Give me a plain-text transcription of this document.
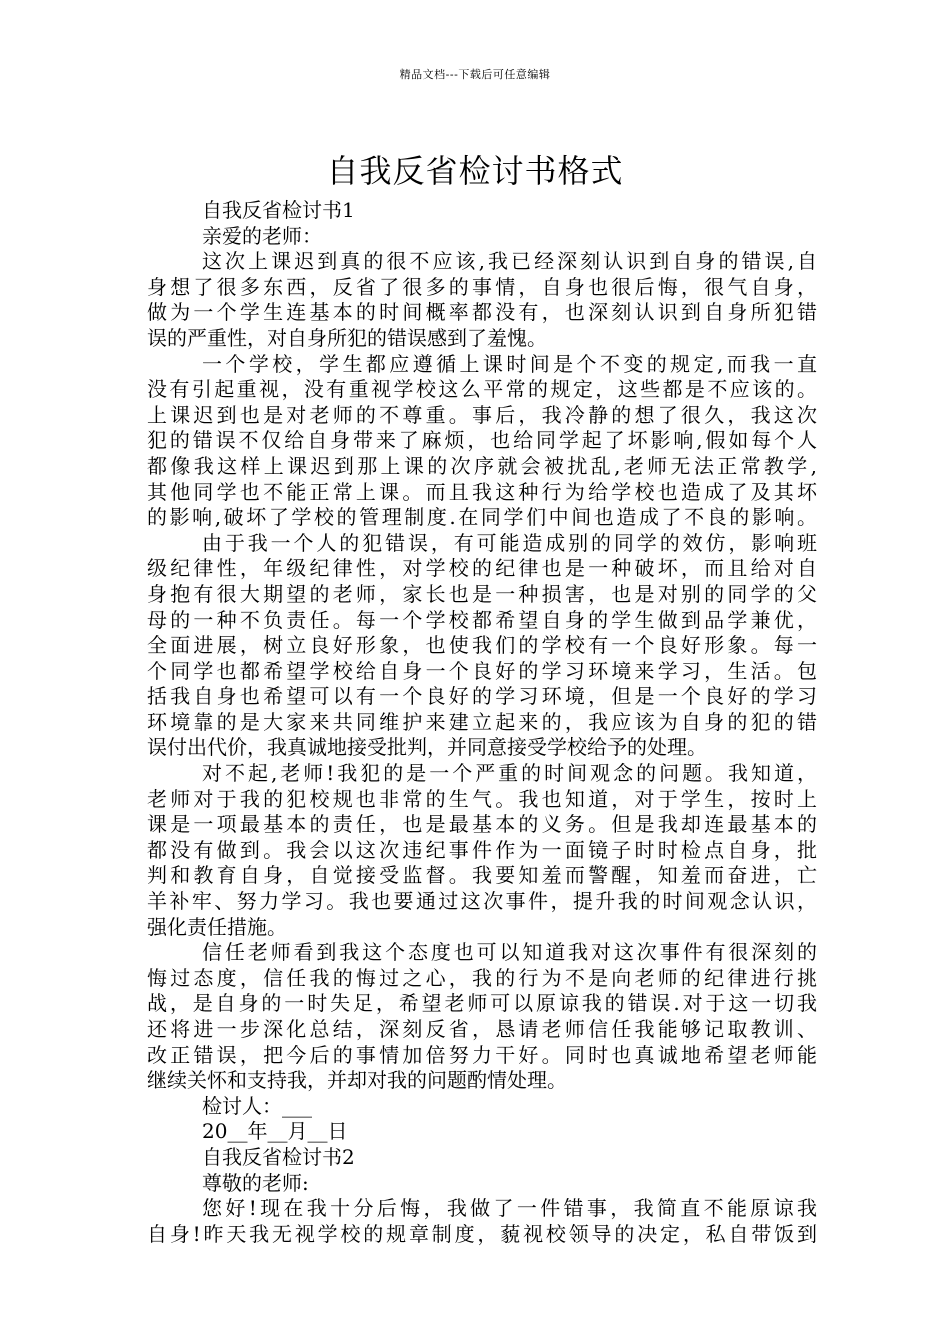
精品文档---下载后可任意编辑
自我反省检讨书格式

自我反省检讨书1

亲爱的老师：

这次上课迟到真的很不应该,我已经深刻认识到自身的错误,自

身想了很多东西，反省了很多的事情，自身也很后悔，很气自身，

做为一个学生连基本的时间概率都没有，也深刻认识到自身所犯错

误的严重性，对自身所犯的错误感到了羞愧。

一个学校，学生都应遵循上课时间是个不变的规定,而我一直

没有引起重视，没有重视学校这么平常的规定，这些都是不应该的。

上课迟到也是对老师的不尊重。事后，我冷静的想了很久，我这次

犯的错误不仅给自身带来了麻烦，也给同学起了坏影响,假如每个人

都像我这样上课迟到那上课的次序就会被扰乱,老师无法正常教学,

其他同学也不能正常上课。而且我这种行为给学校也造成了及其坏

的影响,破坏了学校的管理制度.在同学们中间也造成了不良的影响。

由于我一个人的犯错误，有可能造成别的同学的效仿，影响班

级纪律性，年级纪律性，对学校的纪律也是一种破坏，而且给对自

身抱有很大期望的老师，家长也是一种损害，也是对别的同学的父

母的一种不负责任。每一个学校都希望自身的学生做到品学兼优，

全面进展，树立良好形象，也使我们的学校有一个良好形象。每一

个同学也都希望学校给自身一个良好的学习环境来学习，生活。包

括我自身也希望可以有一个良好的学习环境，但是一个良好的学习

环境靠的是大家来共同维护来建立起来的，我应该为自身的犯的错

误付出代价，我真诚地接受批判，并同意接受学校给予的处理。

对不起,老师!我犯的是一个严重的时间观念的问题。我知道，

老师对于我的犯校规也非常的生气。我也知道，对于学生，按时上

课是一项最基本的责任，也是最基本的义务。但是我却连最基本的

都没有做到。我会以这次违纪事件作为一面镜子时时检点自身，批

判和教育自身，自觉接受监督。我要知羞而警醒，知羞而奋进，亡

羊补牢、努力学习。我也要通过这次事件，提升我的时间观念认识，

强化责任措施。

信任老师看到我这个态度也可以知道我对这次事件有很深刻的

悔过态度，信任我的悔过之心，我的行为不是向老师的纪律进行挑

战，是自身的一时失足，希望老师可以原谅我的错误.对于这一切我

还将进一步深化总结，深刻反省，恳请老师信任我能够记取教训、

改正错误，把今后的事情加倍努力干好。同时也真诚地希望老师能

继续关怀和支持我，并却对我的问题酌情处理。

检讨人：___

20__年__月__日

自我反省检讨书2

尊敬的老师:

您好!现在我十分后悔，我做了一件错事，我简直不能原谅我

自身!昨天我无视学校的规章制度，藐视校领导的决定，私自带饭到
